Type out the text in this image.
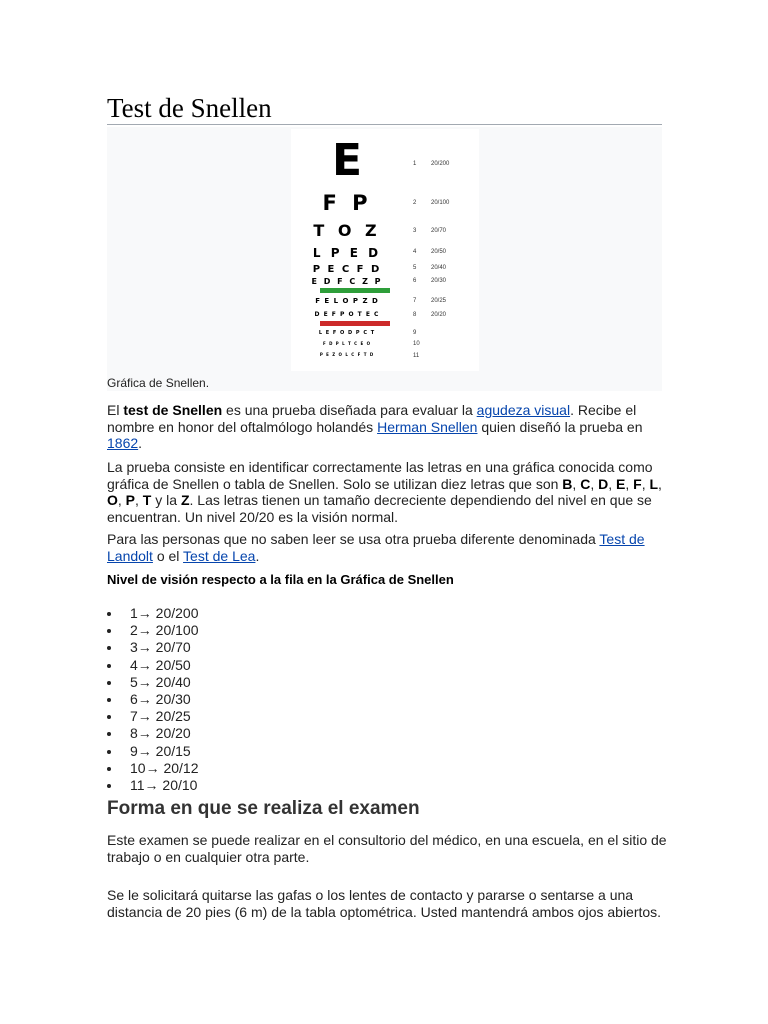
Test de Snellen
E	1 20/200
F P	2 20/100
T O Z	3 20/70
L P E D	4 20/50
P E C F D	5 20/40
E D F C Z P	6 20/30
F E L O P Z D	7 20/25
D E F P O T E C	8 20/20
L E F O D P C T	9
F D P L T C E O	10
P E Z O L C F T D	11
Gráfica de Snellen.

El test de Snellen es una prueba diseñada para evaluar la agudeza visual. Recibe el nombre en honor del oftalmólogo holandés Herman Snellen quien diseñó la prueba en 1862.

La prueba consiste en identificar correctamente las letras en una gráfica conocida como gráfica de Snellen o tabla de Snellen. Solo se utilizan diez letras que son B, C, D, E, F, L, O, P, T y la Z. Las letras tienen un tamaño decreciente dependiendo del nivel en que se encuentran. Un nivel 20/20 es la visión normal.

Para las personas que no saben leer se usa otra prueba diferente denominada Test de Landolt o el Test de Lea.

Nivel de visión respecto a la fila en la Gráfica de Snellen
1→ 20/200
2→ 20/100
3→ 20/70
4→ 20/50
5→ 20/40
6→ 20/30
7→ 20/25
8→ 20/20
9→ 20/15
10→ 20/12
11→ 20/10
Forma en que se realiza el examen

Este examen se puede realizar en el consultorio del médico, en una escuela, en el sitio de trabajo o en cualquier otra parte.

Se le solicitará quitarse las gafas o los lentes de contacto y pararse o sentarse a una distancia de 20 pies (6 m) de la tabla optométrica. Usted mantendrá ambos ojos abiertos.
